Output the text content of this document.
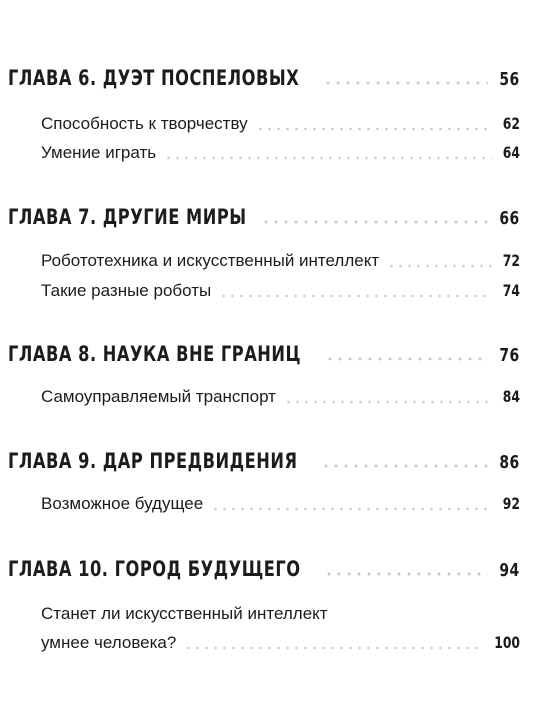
ГЛАВА 6. ДУЭТ ПОСПЕЛОВЫХ	56
Способность к творчеству	62
Умение играть	64
ГЛАВА 7. ДРУГИЕ МИРЫ	66
Робототехника и искусственный интеллект	72
Такие разные роботы	74
ГЛАВА 8. НАУКА ВНЕ ГРАНИЦ	76
Самоуправляемый транспорт	84
ГЛАВА 9. ДАР ПРЕДВИДЕНИЯ	86
Возможное будущее	92
ГЛАВА 10. ГОРОД БУДУЩЕГО	94
Станет ли искусственный интеллект
умнее человека?	100
